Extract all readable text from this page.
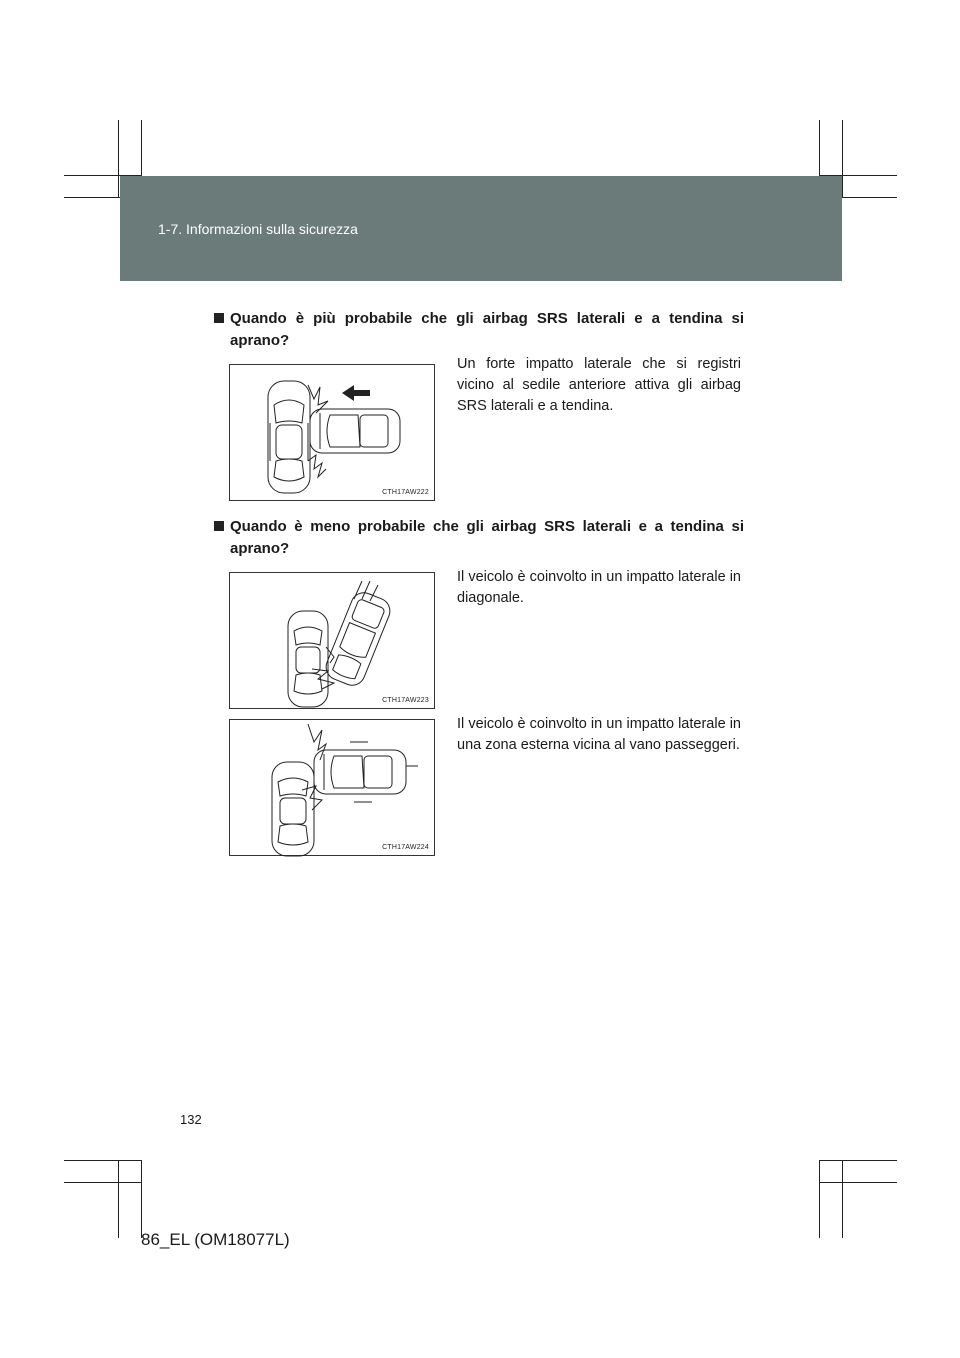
1-7. Informazioni sulla sicurezza
Quando è più probabile che gli airbag SRS laterali e a tendina si aprano?
CTH17AW222
Un forte impatto laterale che si registri vicino al sedile anteriore attiva gli airbag SRS laterali e a tendina.
Quando è meno probabile che gli airbag SRS laterali e a tendina si aprano?
CTH17AW223
Il veicolo è coinvolto in un impatto laterale in diagonale.
CTH17AW224
Il veicolo è coinvolto in un impatto laterale in una zona esterna vicina al vano passeggeri.
132
86_EL (OM18077L)
